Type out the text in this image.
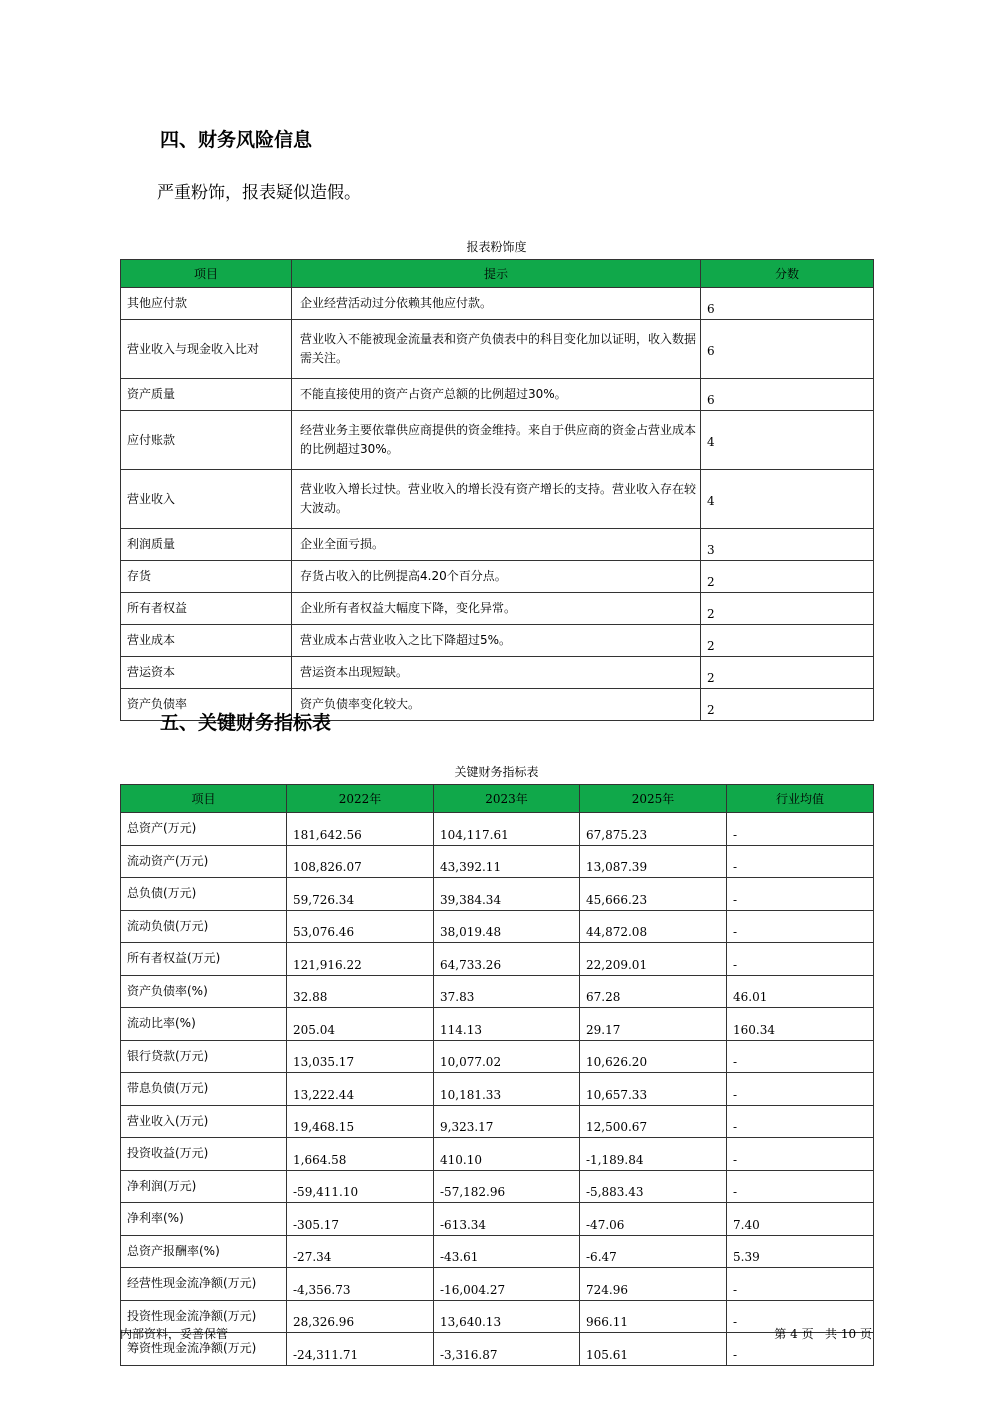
四、财务风险信息

严重粉饰，报表疑似造假。

报表粉饰度
项目	提示	分数
其他应付款	企业经营活动过分依赖其他应付款。	6
营业收入与现金收入比对	营业收入不能被现金流量表和资产负债表中的科目变化加以证明，收入数据需关注。	6
资产质量	不能直接使用的资产占资产总额的比例超过30%。	6
应付账款	经营业务主要依靠供应商提供的资金维持。来自于供应商的资金占营业成本的比例超过30%。	4
营业收入	营业收入增长过快。营业收入的增长没有资产增长的支持。营业收入存在较大波动。	4
利润质量	企业全面亏损。	3
存货	存货占收入的比例提高4.20个百分点。	2
所有者权益	企业所有者权益大幅度下降，变化异常。	2
营业成本	营业成本占营业收入之比下降超过5%。	2
营运资本	营运资本出现短缺。	2
资产负债率	资产负债率变化较大。	2
五、关键财务指标表
关键财务指标表
项目	2022年	2023年	2025年	行业均值
总资产(万元)	181,642.56	104,117.61	67,875.23	-
流动资产(万元)	108,826.07	43,392.11	13,087.39	-
总负债(万元)	59,726.34	39,384.34	45,666.23	-
流动负债(万元)	53,076.46	38,019.48	44,872.08	-
所有者权益(万元)	121,916.22	64,733.26	22,209.01	-
资产负债率(%)	32.88	37.83	67.28	46.01
流动比率(%)	205.04	114.13	29.17	160.34
银行贷款(万元)	13,035.17	10,077.02	10,626.20	-
带息负债(万元)	13,222.44	10,181.33	10,657.33	-
营业收入(万元)	19,468.15	9,323.17	12,500.67	-
投资收益(万元)	1,664.58	410.10	-1,189.84	-
净利润(万元)	-59,411.10	-57,182.96	-5,883.43	-
净利率(%)	-305.17	-613.34	-47.06	7.40
总资产报酬率(%)	-27.34	-43.61	-6.47	5.39
经营性现金流净额(万元)	-4,356.73	-16,004.27	724.96	-
投资性现金流净额(万元)	28,326.96	13,640.13	966.11	-
筹资性现金流净额(万元)	-24,311.71	-3,316.87	105.61	-
内部资料，妥善保管	第 4 页 共 10 页
